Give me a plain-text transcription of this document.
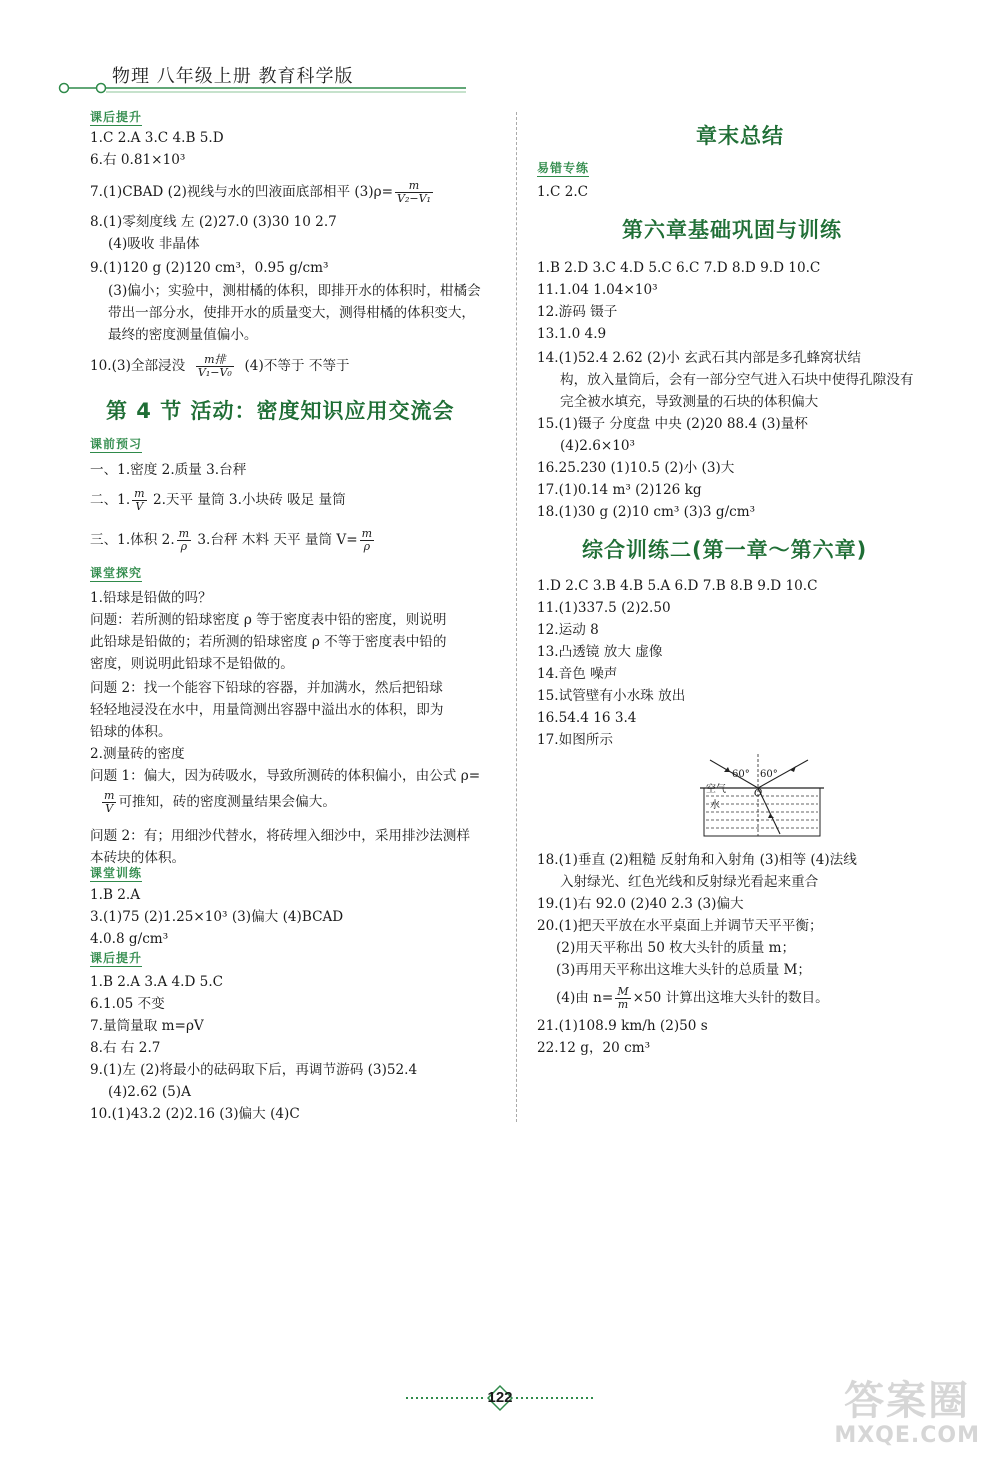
物理 八年级上册 教育科学版
课后提升
1.C 2.A 3.C 4.B 5.D
6.右 0.81×10³
7.(1)CBAD (2)视线与水的凹液面底部相平 $(3)\rho= \frac{m}{\text{V₂−V₁}}$
8.(1)零刻度线 左 (2)27.0 (3)30 10 2.7
(4)吸收 非晶体
9.(1)120 g (2)120 cm³，0.95 g/cm³
(3)偏小；实验中，测柑橘的体积，即排开水的体积时，柑橘会
带出一部分水，使排开水的质量变大，测得柑橘的体积变大，
最终的密度测量值偏小。
10.(3)全部浸没 $\frac{\text{m排}}{\text{V₁−V₀}} (4)$不等于 不等于
第 4 节 活动：密度知识应用交流会
课前预习
一、1.密度 2.质量 3.台秤
二、1. $\frac{m}{V} 2$.天平 量筒 3.小块砖 吸足 量筒
三、1.体积 2. $\frac{m}{\rho} 3$.台秤 木料 天平 量筒 $V= \frac{m}{\rho}$
课堂探究
1.铅球是铅做的吗？
问题：若所测的铅球密度 ρ 等于密度表中铅的密度，则说明
此铅球是铅做的；若所测的铅球密度 ρ 不等于密度表中铅的
密度，则说明此铅球不是铅做的。
问题 2：找一个能容下铅球的容器，并加满水，然后把铅球
轻轻地浸没在水中，用量筒测出容器中溢出水的体积，即为
铅球的体积。
2.测量砖的密度
问题 1：偏大，因为砖吸水，导致所测砖的体积偏小，由公式 ρ=
$\frac{m}{V}$ 可推知，砖的密度测量结果会偏大。
问题 2：有；用细沙代替水，将砖埋入细沙中，采用排沙法测样
本砖块的体积。
课堂训练
1.B 2.A
3.(1)75 (2)1.25×10³ (3)偏大 (4)BCAD
4.0.8 g/cm³
课后提升
1.B 2.A 3.A 4.D 5.C
6.1.05 不变
7.量筒量取 m=ρV
8.右 右 2.7
9.(1)左 (2)将最小的砝码取下后，再调节游码 (3)52.4
(4)2.62 (5)A
10.(1)43.2 (2)2.16 (3)偏大 (4)C
章末总结
易错专练
1.C 2.C
第六章基础巩固与训练
1.B 2.D 3.C 4.D 5.C 6.C 7.D 8.D 9.D 10.C
11.1.04 1.04×10³
12.游码 镊子
13.1.0 4.9
14.(1)52.4 2.62 (2)小 玄武石其内部是多孔蜂窝状结
构，放入量筒后，会有一部分空气进入石块中使得孔隙没有
完全被水填充，导致测量的石块的体积偏大
15.(1)镊子 分度盘 中央 (2)20 88.4 (3)量杯
(4)2.6×10³
16.25.230 (1)10.5 (2)小 (3)大
17.(1)0.14 m³ (2)126 kg
18.(1)30 g (2)10 cm³ (3)3 g/cm³
综合训练二(第一章～第六章)
1.D 2.C 3.B 4.B 5.A 6.D 7.B 8.B 9.D 10.C
11.(1)337.5 (2)2.50
12.运动 8
13.凸透镜 放大 虚像
14.音色 噪声
15.试管壁有小水珠 放出
16.54.4 16 3.4
17.如图所示
60° 60°
空气
水
O
18.(1)垂直 (2)粗糙 反射角和入射角 (3)相等 (4)法线
入射绿光、红色光线和反射绿光看起来重合
19.(1)右 92.0 (2)40 2.3 (3)偏大
20.(1)把天平放在水平桌面上并调节天平平衡；
(2)用天平称出 50 枚大头针的质量 m；
(3)再用天平称出这堆大头针的总质量 M；
(4)由 $n= \frac{M}{m} \times 50$ 计算出这堆大头针的数目。
21.(1)108.9 km/h (2)50 s
22.12 g，20 cm³
122	答案圈
MXQE.COM
